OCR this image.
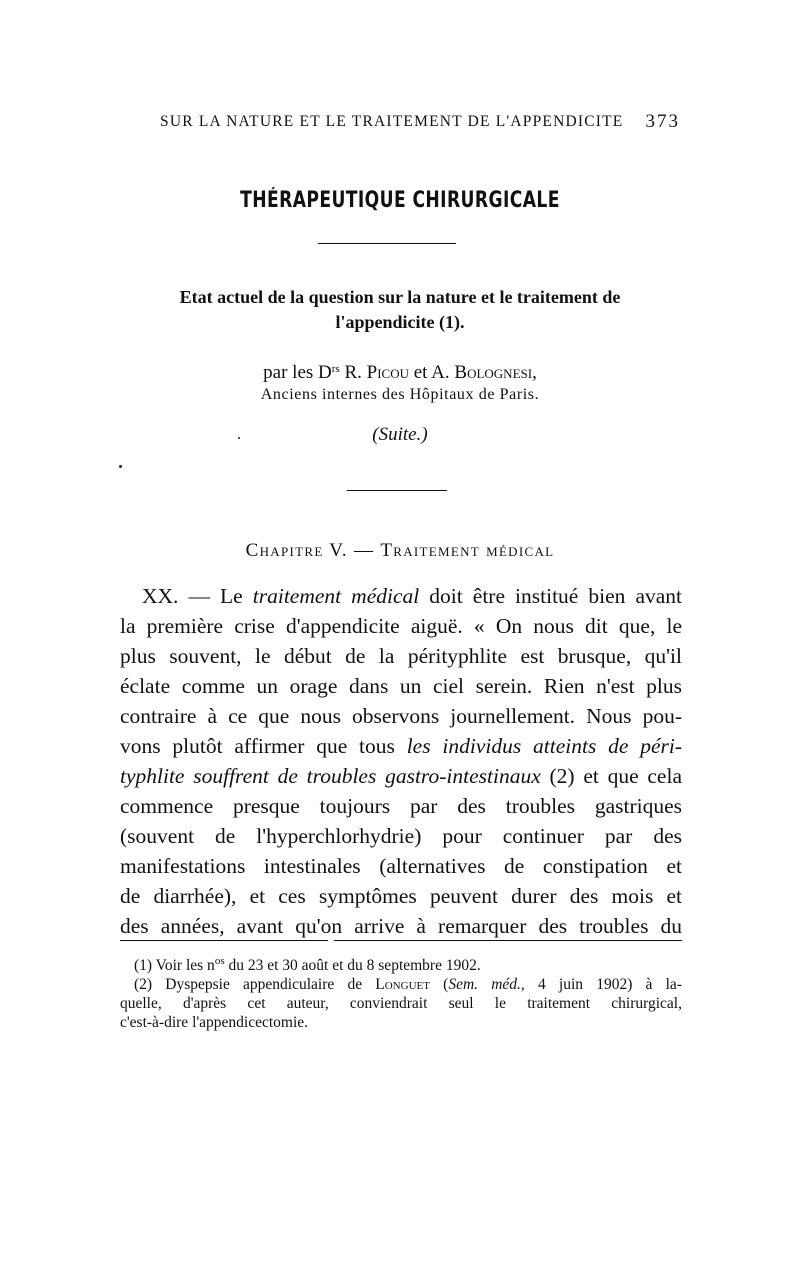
SUR LA NATURE ET LE TRAITEMENT DE L'APPENDICITE 373
THÉRAPEUTIQUE CHIRURGICALE
Etat actuel de la question sur la nature et le traitement de
l'appendicite (1).
par les $D^{rs}$ R. Picou et A. Bolognesi,
Anciens internes des Hôpitaux de Paris.
(Suite.)
Chapitre V. — Traitement médical
XX. — Le traitement médical doit être institué bien avant
la première crise d'appendicite aiguë. « On nous dit que, le
plus souvent, le début de la pérityphlite est brusque, qu'il
éclate comme un orage dans un ciel serein. Rien n'est plus
contraire à ce que nous observons journellement. Nous pou-
vons plutôt affirmer que tous les individus atteints de péri-
typhlite souffrent de troubles gastro-intestinaux (2) et que cela
commence presque toujours par des troubles gastriques
(souvent de l'hyperchlorhydrie) pour continuer par des
manifestations intestinales (alternatives de constipation et
de diarrhée), et ces symptômes peuvent durer des mois et
des années, avant qu'on arrive à remarquer des troubles du
(1) Voir les $n^{os}$ du 23 et 30 août et du 8 septembre 1902.
(2) Dyspepsie appendiculaire de Longuet (Sem. méd., 4 juin 1902) à la-
quelle, d'après cet auteur, conviendrait seul le traitement chirurgical,
c'est-à-dire l'appendicectomie.
